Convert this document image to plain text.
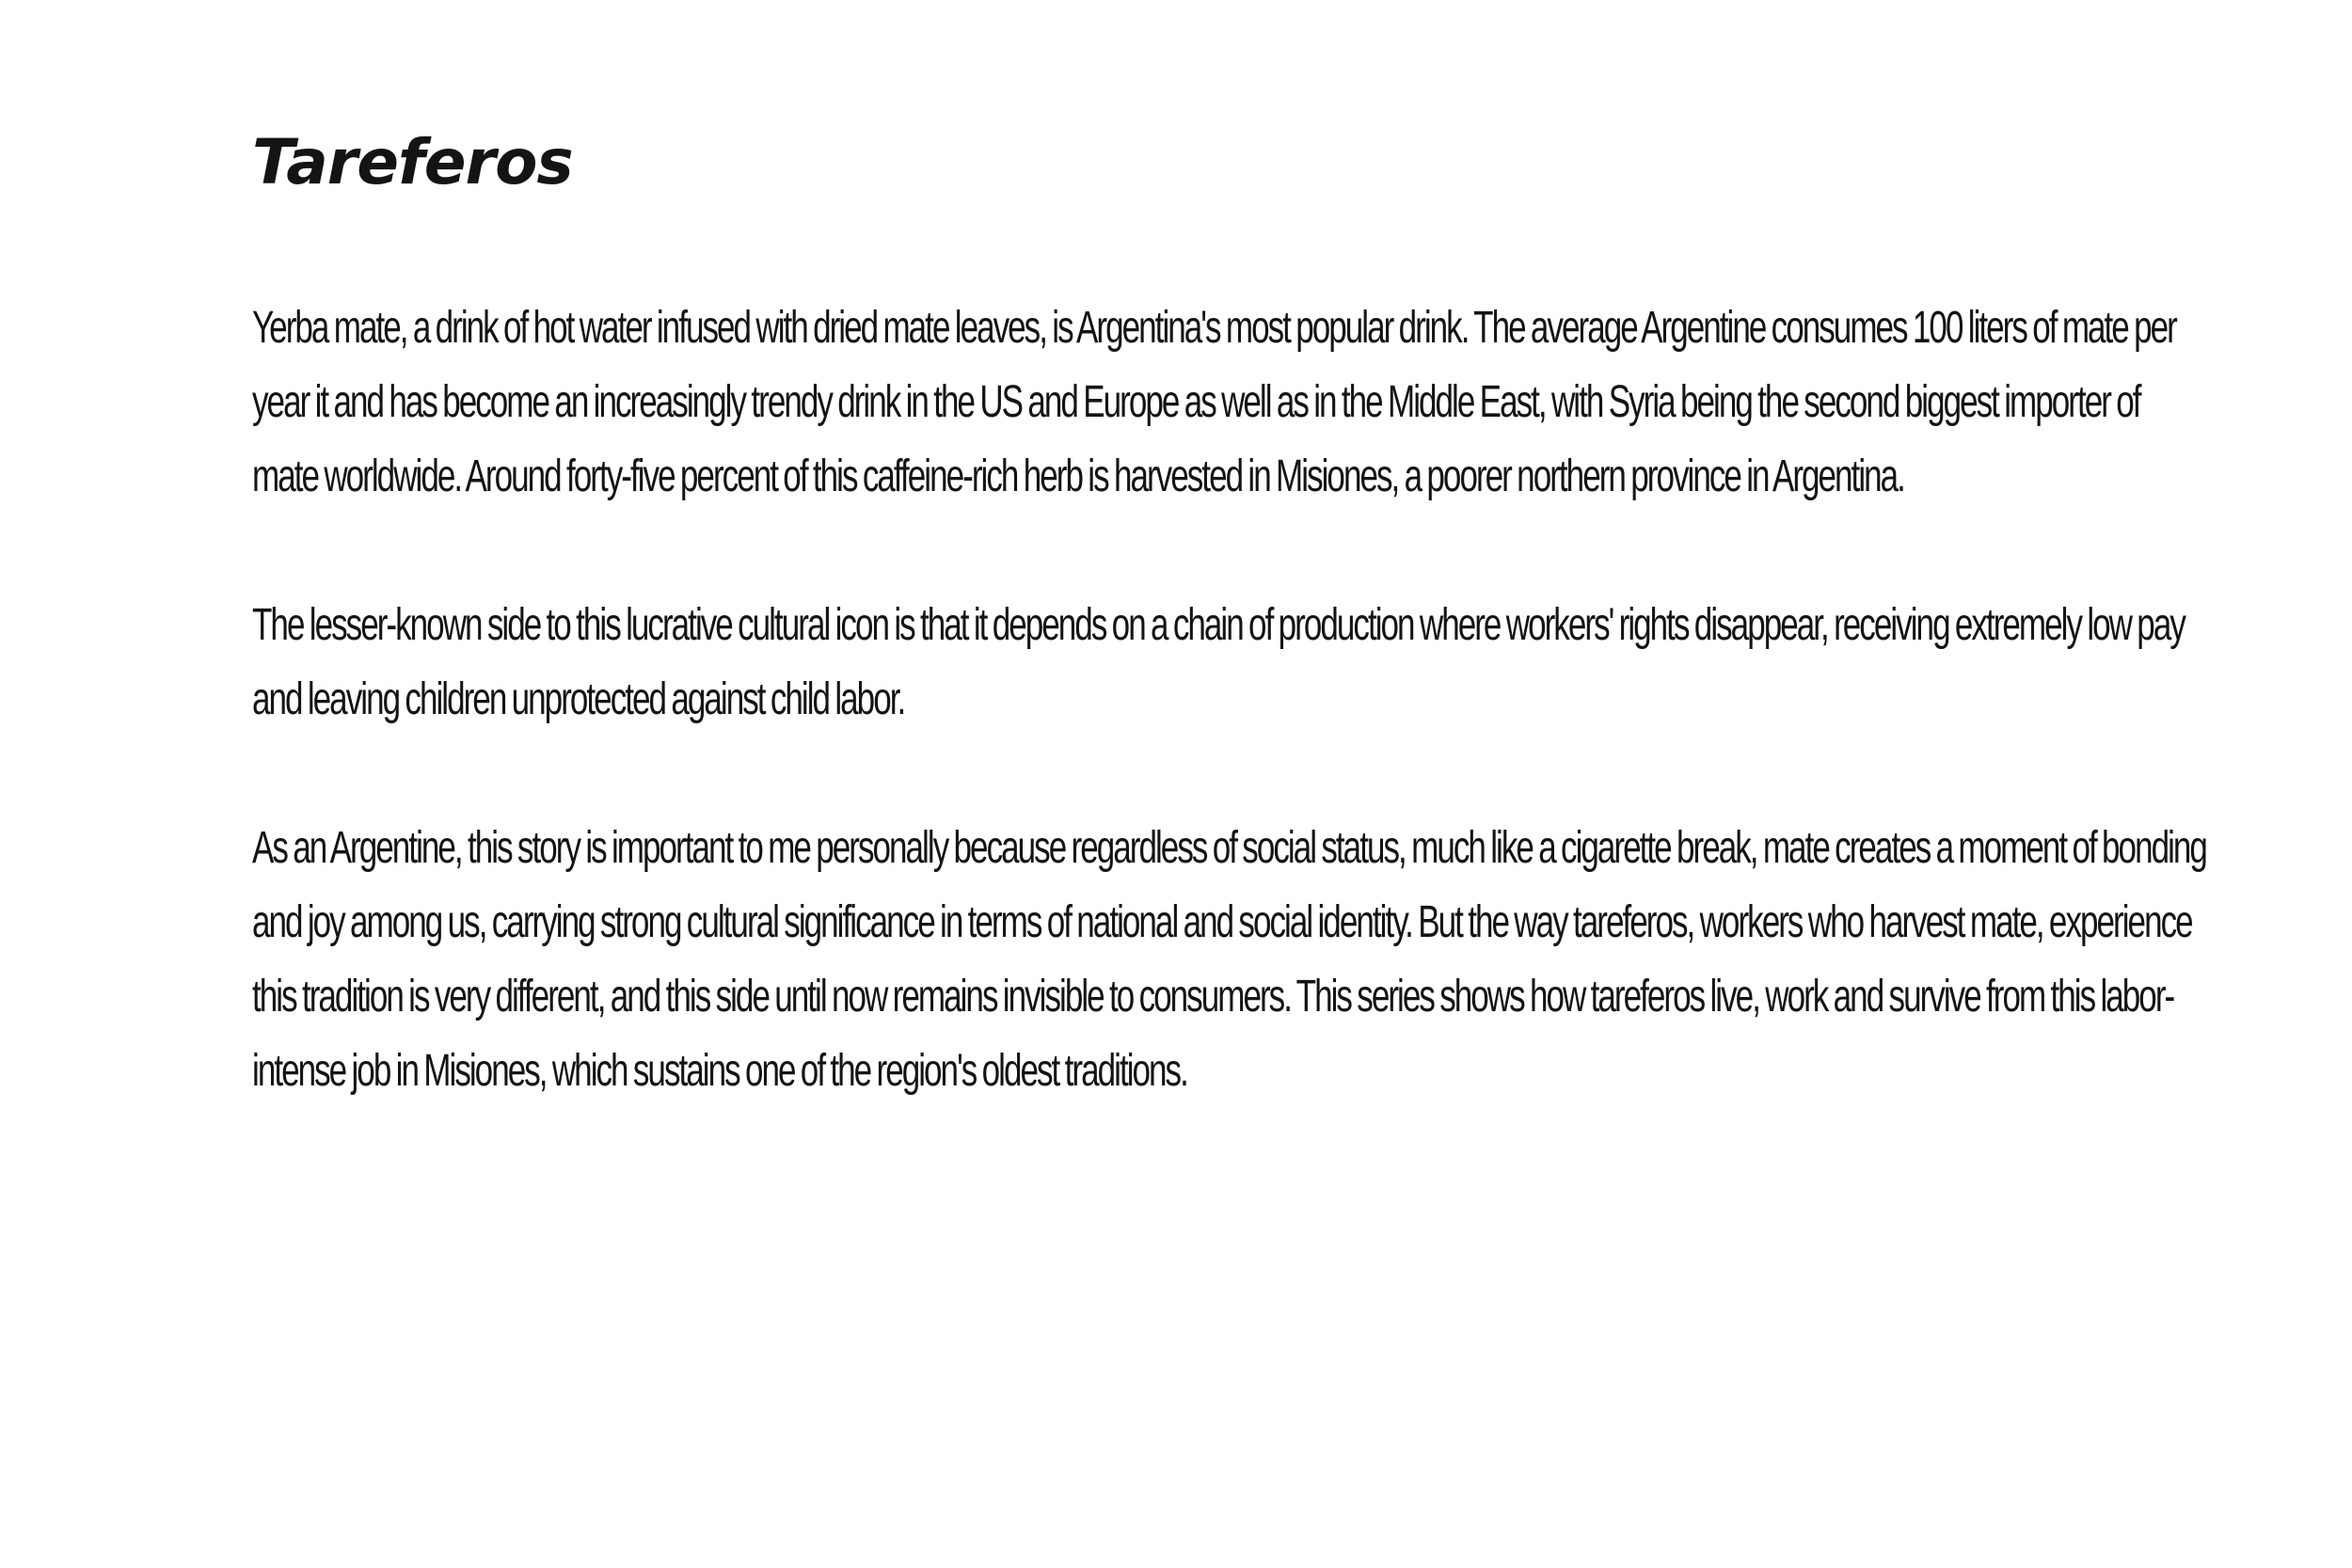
Tareferos

Yerba mate, a drink of hot water infused with dried mate leaves, is Argentina's most popular drink. The average Argentine consumes 100 liters of mate per year it and has become an increasingly trendy drink in the US and Europe as well as in the Middle East, with Syria being the second biggest importer of mate worldwide. Around forty-five percent of this caffeine-rich herb is harvested in Misiones, a poorer northern province in Argentina.

The lesser-known side to this lucrative cultural icon is that it depends on a chain of production where workers' rights disappear, receiving extremely low pay and leaving children unprotected against child labor.

As an Argentine, this story is important to me personally because regardless of social status, much like a cigarette break, mate creates a moment of bonding and joy among us, carrying strong cultural significance in terms of national and social identity. But the way tareferos, workers who harvest mate, experience this tradition is very different, and this side until now remains invisible to consumers. This series shows how tareferos live, work and survive from this labor-intense job in Misiones, which sustains one of the region's oldest traditions.
